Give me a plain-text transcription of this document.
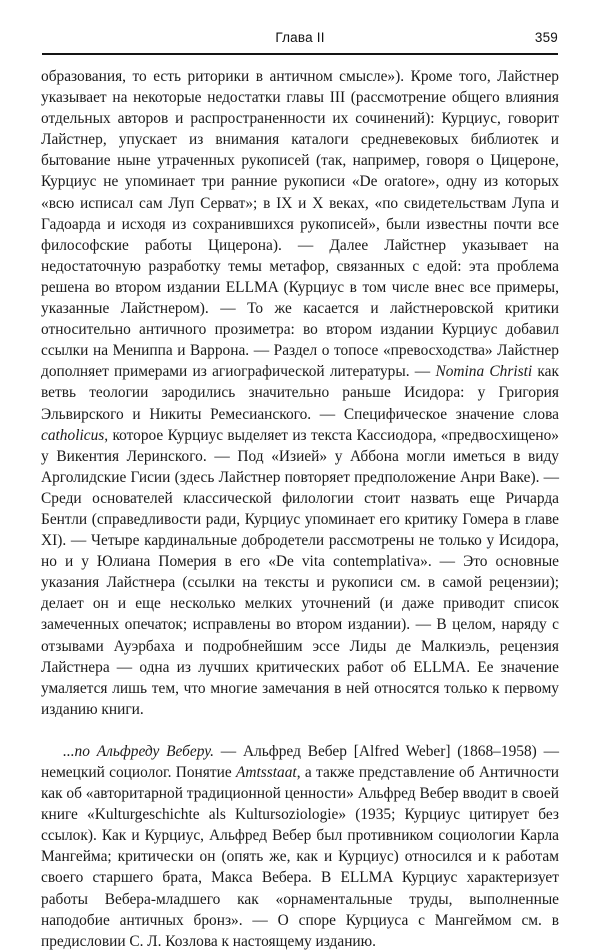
Глава II	359

образования, то есть риторики в античном смысле»). Кроме того, Лайстнер указывает на некоторые недостатки главы III (рассмотрение общего влияния отдельных авторов и распространенности их сочинений): Курциус, говорит Лайстнер, упускает из внимания каталоги средневековых библиотек и бытование ныне утраченных рукописей (так, например, говоря о Цицероне, Курциус не упоминает три ранние рукописи «De oratore», одну из которых «всю исписал сам Луп Серват»; в IX и X веках, «по свидетельствам Лупа и Гадоарда и исходя из сохранившихся рукописей», были известны почти все философские работы Цицерона). — Далее Лайстнер указывает на недостаточную разработку темы метафор, связанных с едой: эта проблема решена во втором издании ELLMA (Курциус в том числе внес все примеры, указанные Лайстнером). — То же касается и лайстнеровской критики относительно античного прозиметра: во втором издании Курциус добавил ссылки на Мениппа и Варрона. — Раздел о топосе «превосходства» Лайстнер дополняет примерами из агиографической литературы. — Nomina Christi как ветвь теологии зародились значительно раньше Исидора: у Григория Эльвирского и Никиты Ремесианского. — Специфическое значение слова catholicus, которое Курциус выделяет из текста Кассиодора, «предвосхищено» у Викентия Леринского. — Под «Изией» у Аббона могли иметься в виду Арголидские Гисии (здесь Лайстнер повторяет предположение Анри Ваке). — Среди основателей классической филологии стоит назвать еще Ричарда Бентли (справедливости ради, Курциус упоминает его критику Гомера в главе XI). — Четыре кардинальные добродетели рассмотрены не только у Исидора, но и у Юлиана Померия в его «De vita contemplativa». — Это основные указания Лайстнера (ссылки на тексты и рукописи см. в самой рецензии); делает он и еще несколько мелких уточнений (и даже приводит список замеченных опечаток; исправлены во втором издании). — В целом, наряду с отзывами Ауэрбаха и подробнейшим эссе Лиды де Малкиэль, рецензия Лайстнера — одна из лучших критических работ об ELLMA. Ее значение умаляется лишь тем, что многие замечания в ней относятся только к первому изданию книги.

...по Альфреду Веберу. — Альфред Вебер [Alfred Weber] (1868–1958) — немецкий социолог. Понятие Amtsstaat, а также представление об Античности как об «авторитарной традиционной ценности» Альфред Вебер вводит в своей книге «Kulturgeschichte als Kultursoziologie» (1935; Курциус цитирует без ссылок). Как и Курциус, Альфред Вебер был противником социологии Карла Мангейма; критически он (опять же, как и Курциус) относился и к работам своего старшего брата, Макса Вебера. В ELLMA Курциус характеризует работы Вебера-младшего как «орнаментальные труды, выполненные наподобие античных бронз». — О споре Курциуса с Мангеймом см. в предисловии С. Л. Козлова к настоящему изданию.
